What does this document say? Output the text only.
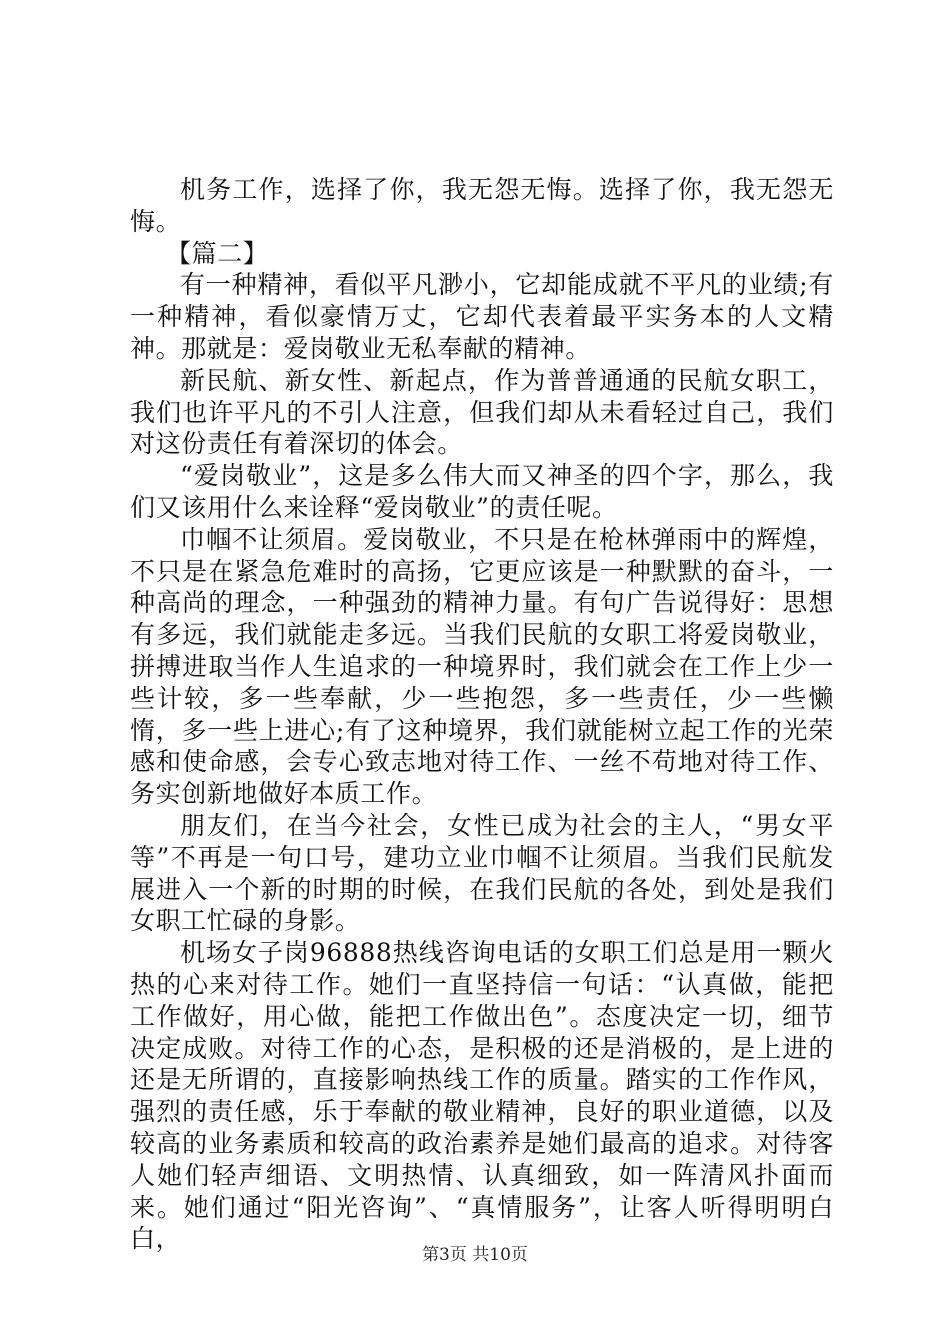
机务工作，选择了你，我无怨无悔。选择了你，我无怨无悔。

【篇二】

有一种精神，看似平凡渺小，它却能成就不平凡的业绩;有一种精神，看似豪情万丈，它却代表着最平实务本的人文精神。那就是：爱岗敬业无私奉献的精神。

新民航、新女性、新起点，作为普普通通的民航女职工，我们也许平凡的不引人注意，但我们却从未看轻过自己，我们对这份责任有着深切的体会。

“爱岗敬业”，这是多么伟大而又神圣的四个字，那么，我们又该用什么来诠释“爱岗敬业”的责任呢。

巾帼不让须眉。爱岗敬业，不只是在枪林弹雨中的辉煌，不只是在紧急危难时的高扬，它更应该是一种默默的奋斗，一种高尚的理念，一种强劲的精神力量。有句广告说得好：思想有多远，我们就能走多远。当我们民航的女职工将爱岗敬业，拼搏进取当作人生追求的一种境界时，我们就会在工作上少一些计较，多一些奉献，少一些抱怨，多一些责任，少一些懒惰，多一些上进心;有了这种境界，我们就能树立起工作的光荣感和使命感，会专心致志地对待工作、一丝不苟地对待工作、务实创新地做好本质工作。

朋友们，在当今社会，女性已成为社会的主人，“男女平等”不再是一句口号，建功立业巾帼不让须眉。当我们民航发展进入一个新的时期的时候，在我们民航的各处，到处是我们女职工忙碌的身影。

机场女子岗96888热线咨询电话的女职工们总是用一颗火热的心来对待工作。她们一直坚持信一句话：“认真做，能把工作做好，用心做，能把工作做出色”。态度决定一切，细节决定成败。对待工作的心态，是积极的还是消极的，是上进的还是无所谓的，直接影响热线工作的质量。踏实的工作作风，强烈的责任感，乐于奉献的敬业精神，良好的职业道德，以及较高的业务素质和较高的政治素养是她们最高的追求。对待客人她们轻声细语、文明热情、认真细致，如一阵清风扑面而来。她们通过“阳光咨询”、“真情服务”，让客人听得明明白白，

第3页 共10页
